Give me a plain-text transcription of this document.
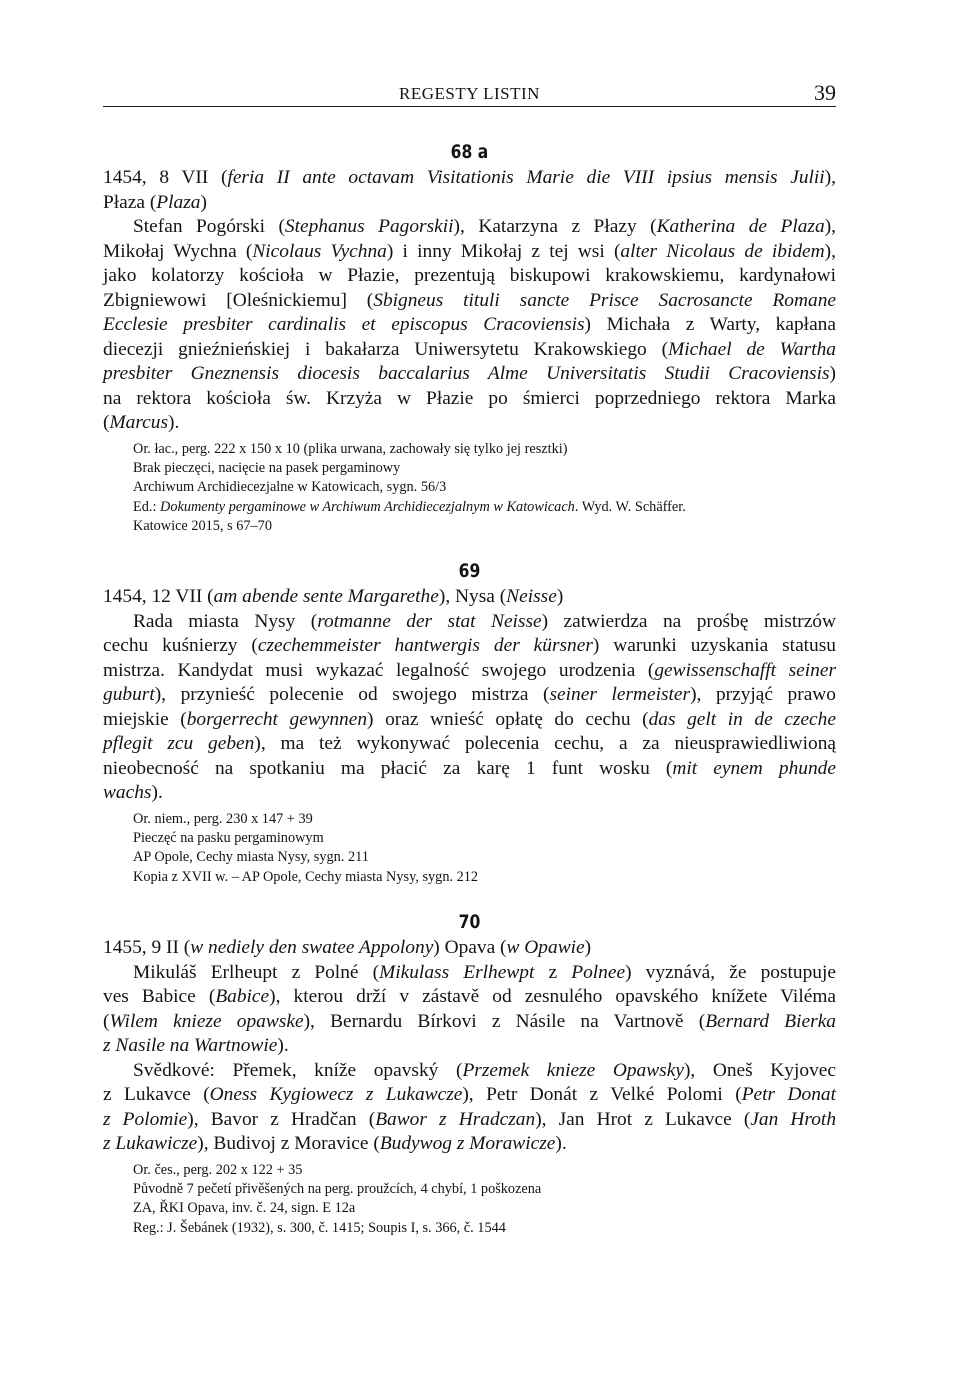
REGESTY LISTIN	39
68 a
1454, 8 VII (feria II ante octavam Visitationis Marie die VIII ipsius mensis Julii),
Płaza (Plaza)
Stefan Pogórski (Stephanus Pagorskii), Katarzyna z Płazy (Katherina de Plaza),
Mikołaj Wychna (Nicolaus Vychna) i inny Mikołaj z tej wsi (alter Nicolaus de ibidem),
jako kolatorzy kościoła w Płazie, prezentują biskupowi krakowskiemu, kardynałowi
Zbigniewowi [Oleśnickiemu] (Sbigneus tituli sancte Prisce Sacrosancte Romane
Ecclesie presbiter cardinalis et episcopus Cracoviensis) Michała z Warty, kapłana
diecezji gnieźnieńskiej i bakałarza Uniwersytetu Krakowskiego (Michael de Wartha
presbiter Gneznensis diocesis baccalarius Alme Universitatis Studii Cracoviensis)
na rektora kościoła św. Krzyża w Płazie po śmierci poprzedniego rektora Marka
(Marcus).
Or. łac., perg. 222 x 150 x 10 (plika urwana, zachowały się tylko jej resztki)
Brak pieczęci, nacięcie na pasek pergaminowy
Archiwum Archidiecezjalne w Katowicach, sygn. 56/3
Ed.: Dokumenty pergaminowe w Archiwum Archidiecezjalnym w Katowicach. Wyd. W. Schäffer.
Katowice 2015, s 67–70
69
1454, 12 VII (am abende sente Margarethe), Nysa (Neisse)
Rada miasta Nysy (rotmanne der stat Neisse) zatwierdza na prośbę mistrzów
cechu kuśnierzy (czechemmeister hantwergis der kürsner) warunki uzyskania statusu
mistrza. Kandydat musi wykazać legalność swojego urodzenia (gewissenschafft seiner
guburt), przynieść polecenie od swojego mistrza (seiner lermeister), przyjąć prawo
miejskie (borgerrecht gewynnen) oraz wnieść opłatę do cechu (das gelt in de czeche
pflegit zcu geben), ma też wykonywać polecenia cechu, a za nieusprawiedliwioną
nieobecność na spotkaniu ma płacić za karę 1 funt wosku (mit eynem phunde
wachs).
Or. niem., perg. 230 x 147 + 39
Pieczęć na pasku pergaminowym
AP Opole, Cechy miasta Nysy, sygn. 211
Kopia z XVII w. – AP Opole, Cechy miasta Nysy, sygn. 212
70
1455, 9 II (w nediely den swatee Appolony) Opava (w Opawie)
Mikuláš Erlheupt z Polné (Mikulass Erlhewpt z Polnee) vyznává, že postupuje
ves Babice (Babice), kterou drží v zástavě od zesnulého opavského knížete Viléma
(Wilem knieze opawske), Bernardu Bírkovi z Násile na Vartnově (Bernard Bierka
z Nasile na Wartnowie).
Svědkové: Přemek, kníže opavský (Przemek knieze Opawsky), Oneš Kyjovec
z Lukavce (Oness Kygiowecz z Lukawcze), Petr Donát z Velké Polomi (Petr Donat
z Polomie), Bavor z Hradčan (Bawor z Hradczan), Jan Hrot z Lukavce (Jan Hroth
z Lukawicze), Budivoj z Moravice (Budywog z Morawicze).
Or. čes., perg. 202 x 122 + 35
Původně 7 pečetí přivěšených na perg. proužcích, 4 chybí, 1 poškozena
ZA, ŘKI Opava, inv. č. 24, sign. E 12a
Reg.: J. Šebánek (1932), s. 300, č. 1415; Soupis I, s. 366, č. 1544
